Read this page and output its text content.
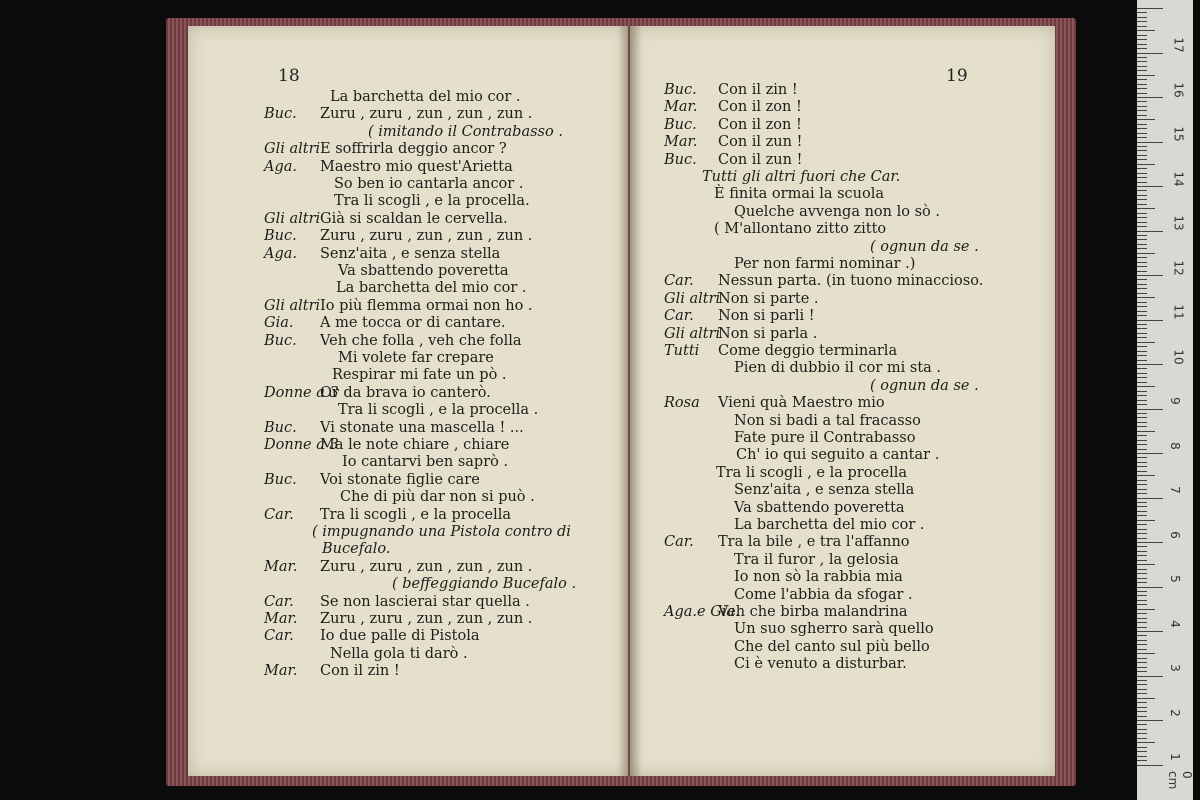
18
La barchetta del mio cor .
Buc. Zuru , zuru , zun , zun , zun .
( imitando il Contrabasso .
Gli altri E soffrirla deggio ancor ?
Aga. Maestro mio quest'Arietta
So ben io cantarla ancor .
Tra li scogli , e la procella.
Gli altri Già si scaldan le cervella.
Buc. Zuru , zuru , zun , zun , zun .
Aga. Senz'aita , e senza stella
Va sbattendo poveretta
La barchetta del mio cor .
Gli altri Io più flemma ormai non ho .
Gia. A me tocca or di cantare.
Buc. Veh che folla , veh che folla
Mi volete far crepare
Respirar mi fate un pò .
Donne a 3
Or da brava io canterò.
Tra li scogli , e la procella .
Buc. Vi stonate una mascella ! ...
Donne a 3
Ma le note chiare , chiare
Io cantarvi ben saprò .
Buc. Voi stonate figlie care
Che di più dar non si può .
Car. Tra li scogli , e la procella
( impugnando una Pistola contro di
Bucefalo.
Mar. Zuru , zuru , zun , zun , zun .
( beffeggiando Bucefalo .
Car. Se non lascierai star quella .
Mar. Zuru , zuru , zun , zun , zun .
Car. Io due palle di Pistola
Nella gola ti darò .
Mar. Con il zin !
19
Buc. Con il zin !
Mar. Con il zon !
Buc. Con il zon !
Mar. Con il zun !
Buc. Con il zun !
Tutti gli altri fuori che Car.
È finita ormai la scuola
Quelche avvenga non lo sò .
( M'allontano zitto zitto
( ognun da se .
Per non farmi nominar .)
Car. Nessun parta. (in tuono minaccioso.
Gli altri
Non si parte .
Car. Non si parli !
Gli altri
Non si parla .
Tutti Come deggio terminarla
Pien di dubbio il cor mi sta .
( ognun da se .
Rosa Vieni quà Maestro mio
Non si badi a tal fracasso
Fate pure il Contrabasso
Ch' io qui seguito a cantar .
Tra li scogli , e la procella
Senz'aita , e senza stella
Va sbattendo poveretta
La barchetta del mio cor .
Car. Tra la bile , e tra l'affanno
Tra il furor , la gelosia
Io non sò la rabbia mia
Come l'abbia da sfogar .
Aga.e Gia.
Veh che birba malandrina
Un suo sgherro sarà quello
Che del canto sul più bello
Ci è venuto a disturbar.
0 cm
17
16
15
14
13
12
11
10
9
8
7
6
5
4
3
2
1
